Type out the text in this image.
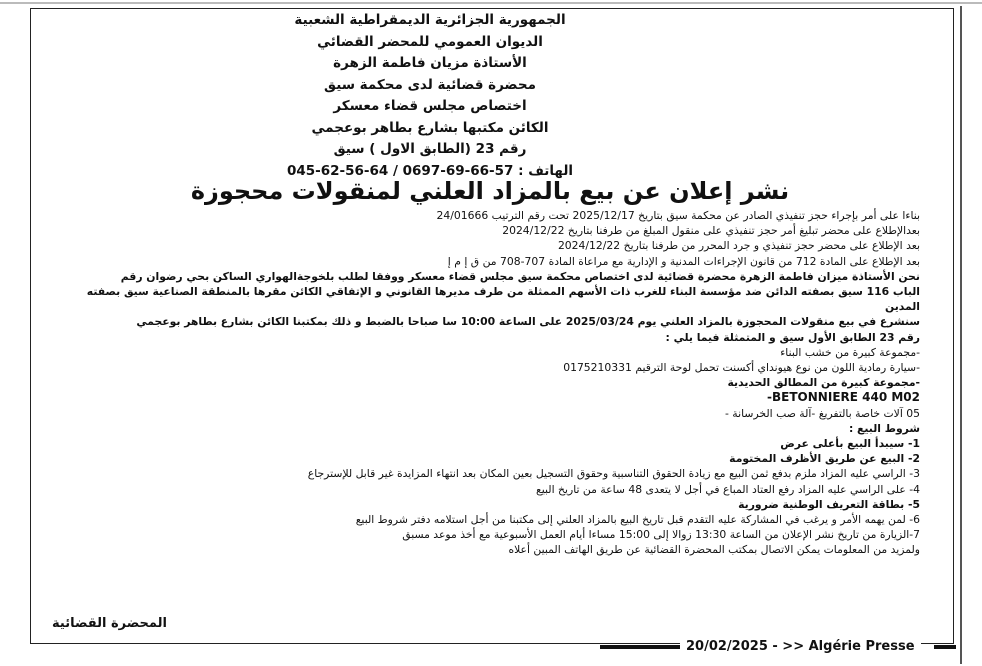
الجمهورية الجزائرية الديمقراطية الشعبية
الديوان العمومي للمحضر القضائي
الأستاذة مزيان فاطمة الزهرة
محضرة قضائية لدى محكمة سيق
اختصاص مجلس قضاء معسكر
الكائن مكتبها بشارع بطاهر بوعجمي
رقم 23 (الطابق الاول ) سيق
الهاتف : 045-62-56-64 / 0697-69-66-57
نشر إعلان عن بيع بالمزاد العلني لمنقولات محجوزة
بناءا على أمر بإجراء حجز تنفيذي الصادر عن محكمة سيق بتاريخ 2025/12/17 تحت رقم الترتيب 24/01666
بعدالإطلاع على محضر تبليغ أمر حجز تنفيذي على منقول المبلغ من طرفنا بتاريخ 2024/12/22
بعد الإطلاع على محضر حجز تنفيذي و جرد المحرر من طرفنا بتاريخ 2024/12/22
بعد الإطلاع على المادة 712 من قانون الإجراءات المدنية و الإدارية مع مراعاة المادة 707-708 من ق إ م إ
نحن الأستاذة ميزان فاطمة الزهرة محضرة قضائية لدى اختصاص محكمة سيق مجلس قضاء معسكر ووفقا لطلب بلخوجةالهواري الساكن بحي رضوان رقم
الباب 116 سيق بصفته الدائن ضد مؤسسة البناء للغرب ذات الأسهم الممثلة من طرف مديرها القانوني و الإتفاقي الكائن مقرها بالمنطقة الصناعية سيق بصفته
المدين
سنشرع في بيع منقولات المحجوزة بالمزاد العلني يوم 2025/03/24 على الساعة 10:00 سا صباحا بالضبط و ذلك بمكتبنا الكائن بشارع بطاهر بوعجمي
رقم 23 الطابق الأول سيق و المتمثلة فيما يلي :
-مجموعة كبيرة من خشب البناء
-سيارة رمادية اللون من نوع هيونداي أكسنت تحمل لوحة الترقيم 0175210331
-مجموعة كبيرة من المطالق الحديدية
BETONNIERE 440 M02-
05 آلات خاصة بالتفريغ -آلة صب الخرسانة -
شروط البيع :
1- سيبدأ البيع بأعلى عرض
2- البيع عن طريق الأظرف المختومة
3- الراسي عليه المزاد ملزم بدفع ثمن البيع مع زيادة الحقوق التناسبية وحقوق التسجيل بعين المكان بعد انتهاء المزايدة غير قابل للإسترجاع
4- على الراسي عليه المزاد رفع العتاد المباع في أجل لا يتعدى 48 ساعة من تاريخ البيع
5- بطاقة التعريف الوطنية ضرورية
6- لمن يهمه الأمر و يرغب في المشاركة عليه التقدم قبل تاريخ البيع بالمزاد العلني إلى مكتبنا من أجل استلامه دفتر شروط البيع
7-الزيارة من تاريخ نشر الإعلان من الساعة 13:30 زوالا إلى 15:00 مساءا أيام العمل الأسبوعية مع أخذ موعد مسبق
ولمزيد من المعلومات يمكن الاتصال بمكتب المحضرة القضائية عن طريق الهاتف المبين أعلاه
المحضرة القضائية
20/02/2025 - >> Algérie Presse
